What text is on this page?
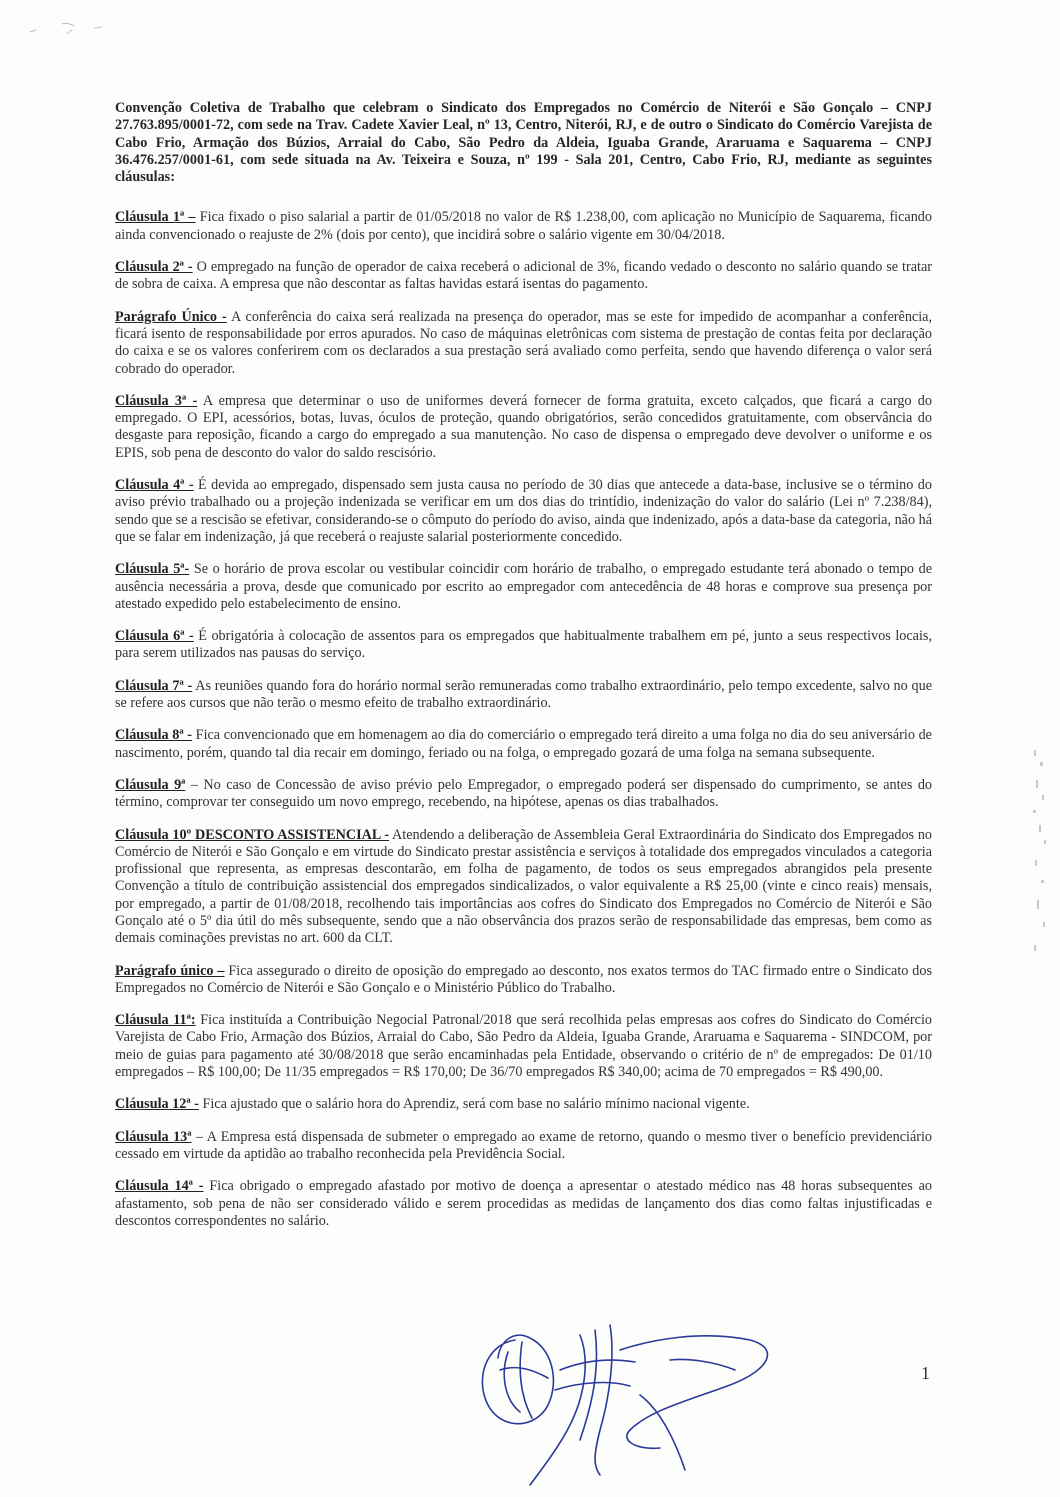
Convenção Coletiva de Trabalho que celebram o Sindicato dos Empregados no Comércio de Niterói e São Gonçalo – CNPJ 27.763.895/0001-72, com sede na Trav. Cadete Xavier Leal, nº 13, Centro, Niterói, RJ, e de outro o Sindicato do Comércio Varejista de Cabo Frio, Armação dos Búzios, Arraial do Cabo, São Pedro da Aldeia, Iguaba Grande, Araruama e Saquarema – CNPJ 36.476.257/0001-61, com sede situada na Av. Teixeira e Souza, nº 199 - Sala 201, Centro, Cabo Frio, RJ, mediante as seguintes cláusulas:

Cláusula 1ª – Fica fixado o piso salarial a partir de 01/05/2018 no valor de R$ 1.238,00, com aplicação no Município de Saquarema, ficando ainda convencionado o reajuste de 2% (dois por cento), que incidirá sobre o salário vigente em 30/04/2018.

Cláusula 2ª - O empregado na função de operador de caixa receberá o adicional de 3%, ficando vedado o desconto no salário quando se tratar de sobra de caixa. A empresa que não descontar as faltas havidas estará isentas do pagamento.

Parágrafo Único - A conferência do caixa será realizada na presença do operador, mas se este for impedido de acompanhar a conferência, ficará isento de responsabilidade por erros apurados. No caso de máquinas eletrônicas com sistema de prestação de contas feita por declaração do caixa e se os valores conferirem com os declarados a sua prestação será avaliado como perfeita, sendo que havendo diferença o valor será cobrado do operador.

Cláusula 3ª - A empresa que determinar o uso de uniformes deverá fornecer de forma gratuita, exceto calçados, que ficará a cargo do empregado. O EPI, acessórios, botas, luvas, óculos de proteção, quando obrigatórios, serão concedidos gratuitamente, com observância do desgaste para reposição, ficando a cargo do empregado a sua manutenção. No caso de dispensa o empregado deve devolver o uniforme e os EPIS, sob pena de desconto do valor do saldo rescisório.

Cláusula 4ª - É devida ao empregado, dispensado sem justa causa no período de 30 dias que antecede a data-base, inclusive se o término do aviso prévio trabalhado ou a projeção indenizada se verificar em um dos dias do trintídio, indenização do valor do salário (Lei nº 7.238/84), sendo que se a rescisão se efetivar, considerando-se o cômputo do período do aviso, ainda que indenizado, após a data-base da categoria, não há que se falar em indenização, já que receberá o reajuste salarial posteriormente concedido.

Cláusula 5ª- Se o horário de prova escolar ou vestibular coincidir com horário de trabalho, o empregado estudante terá abonado o tempo de ausência necessária a prova, desde que comunicado por escrito ao empregador com antecedência de 48 horas e comprove sua presença por atestado expedido pelo estabelecimento de ensino.

Cláusula 6ª - É obrigatória à colocação de assentos para os empregados que habitualmente trabalhem em pé, junto a seus respectivos locais, para serem utilizados nas pausas do serviço.

Cláusula 7ª - As reuniões quando fora do horário normal serão remuneradas como trabalho extraordinário, pelo tempo excedente, salvo no que se refere aos cursos que não terão o mesmo efeito de trabalho extraordinário.

Cláusula 8ª - Fica convencionado que em homenagem ao dia do comerciário o empregado terá direito a uma folga no dia do seu aniversário de nascimento, porém, quando tal dia recair em domingo, feriado ou na folga, o empregado gozará de uma folga na semana subsequente.

Cláusula 9ª – No caso de Concessão de aviso prévio pelo Empregador, o empregado poderá ser dispensado do cumprimento, se antes do término, comprovar ter conseguido um novo emprego, recebendo, na hipótese, apenas os dias trabalhados.

Cláusula 10º DESCONTO ASSISTENCIAL - Atendendo a deliberação de Assembleia Geral Extraordinária do Sindicato dos Empregados no Comércio de Niterói e São Gonçalo e em virtude do Sindicato prestar assistência e serviços à totalidade dos empregados vinculados a categoria profissional que representa, as empresas descontarão, em folha de pagamento, de todos os seus empregados abrangidos pela presente Convenção a título de contribuição assistencial dos empregados sindicalizados, o valor equivalente a R$ 25,00 (vinte e cinco reais) mensais, por empregado, a partir de 01/08/2018, recolhendo tais importâncias aos cofres do Sindicato dos Empregados no Comércio de Niterói e São Gonçalo até o 5º dia útil do mês subsequente, sendo que a não observância dos prazos serão de responsabilidade das empresas, bem como as demais cominações previstas no art. 600 da CLT.

Parágrafo único – Fica assegurado o direito de oposição do empregado ao desconto, nos exatos termos do TAC firmado entre o Sindicato dos Empregados no Comércio de Niterói e São Gonçalo e o Ministério Público do Trabalho.

Cláusula 11ª: Fica instituída a Contribuição Negocial Patronal/2018 que será recolhida pelas empresas aos cofres do Sindicato do Comércio Varejista de Cabo Frio, Armação dos Búzios, Arraial do Cabo, São Pedro da Aldeia, Iguaba Grande, Araruama e Saquarema - SINDCOM, por meio de guias para pagamento até 30/08/2018 que serão encaminhadas pela Entidade, observando o critério de nº de empregados: De 01/10 empregados – R$ 100,00; De 11/35 empregados = R$ 170,00; De 36/70 empregados R$ 340,00; acima de 70 empregados = R$ 490,00.

Cláusula 12ª - Fica ajustado que o salário hora do Aprendiz, será com base no salário mínimo nacional vigente.

Cláusula 13ª – A Empresa está dispensada de submeter o empregado ao exame de retorno, quando o mesmo tiver o benefício previdenciário cessado em virtude da aptidão ao trabalho reconhecida pela Previdência Social.

Cláusula 14ª - Fica obrigado o empregado afastado por motivo de doença a apresentar o atestado médico nas 48 horas subsequentes ao afastamento, sob pena de não ser considerado válido e serem procedidas as medidas de lançamento dos dias como faltas injustificadas e descontos correspondentes no salário.

1
